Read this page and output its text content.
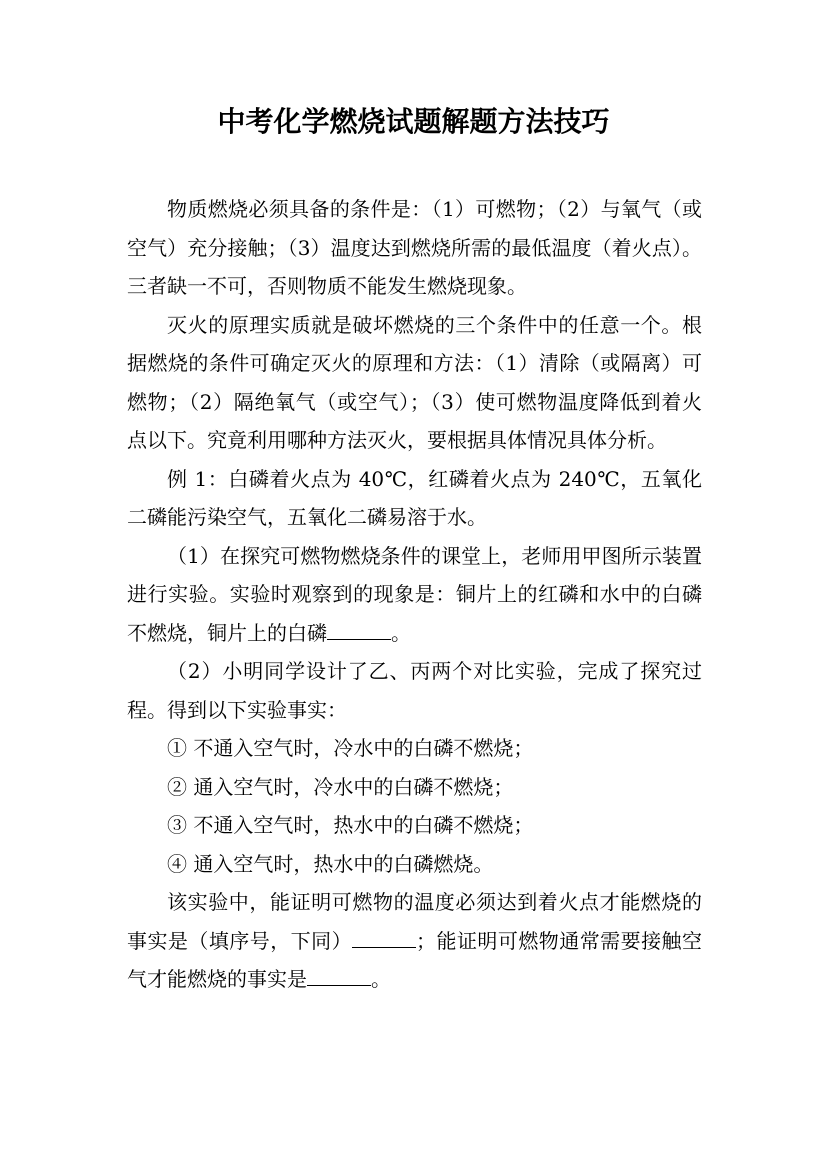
中考化学燃烧试题解题方法技巧

物质燃烧必须具备的条件是：（1）可燃物；（2）与氧气（或空气）充分接触；（3）温度达到燃烧所需的最低温度（着火点）。三者缺一不可，否则物质不能发生燃烧现象。

灭火的原理实质就是破坏燃烧的三个条件中的任意一个。根据燃烧的条件可确定灭火的原理和方法：（1）清除（或隔离）可燃物；（2）隔绝氧气（或空气）；（3）使可燃物温度降低到着火点以下。究竟利用哪种方法灭火，要根据具体情况具体分析。

例 1：白磷着火点为 40℃，红磷着火点为 240℃，五氧化二磷能污染空气，五氧化二磷易溶于水。

（1）在探究可燃物燃烧条件的课堂上，老师用甲图所示装置进行实验。实验时观察到的现象是：铜片上的红磷和水中的白磷不燃烧，铜片上的白磷	。

（2）小明同学设计了乙、丙两个对比实验，完成了探究过程。得到以下实验事实：

① 不通入空气时，冷水中的白磷不燃烧；

② 通入空气时，冷水中的白磷不燃烧；

③ 不通入空气时，热水中的白磷不燃烧；

④ 通入空气时，热水中的白磷燃烧。

该实验中，能证明可燃物的温度必须达到着火点才能燃烧的事实是（填序号，下同）	；能证明可燃物通常需要接触空气才能燃烧的事实是	。
